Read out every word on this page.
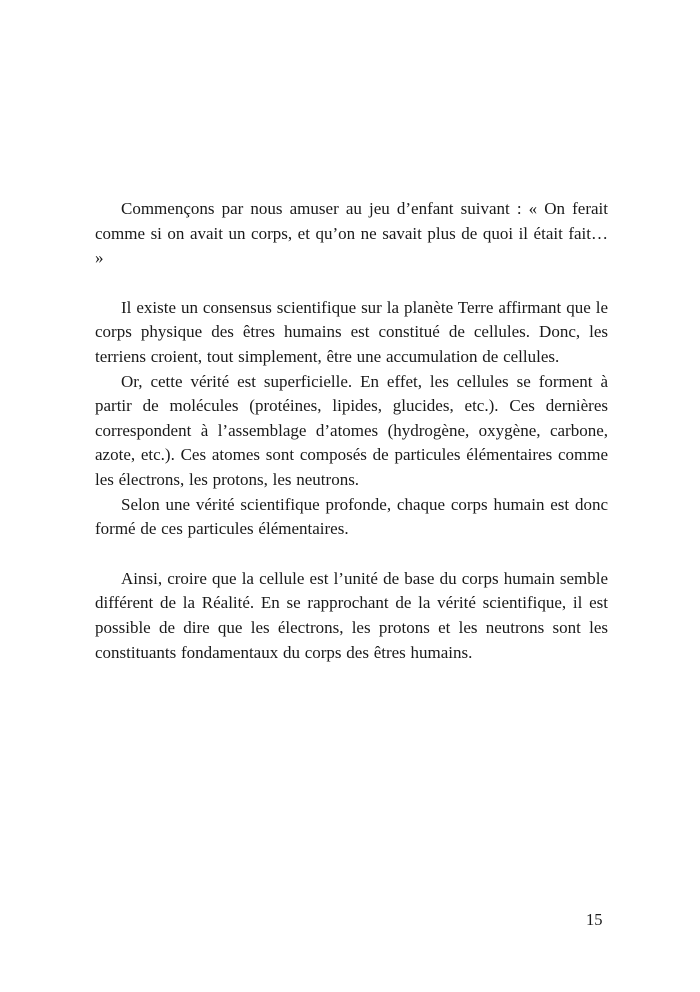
Commençons par nous amuser au jeu d’enfant suivant : « On ferait comme si on avait un corps, et qu’on ne savait plus de quoi il était fait… »

Il existe un consensus scientifique sur la planète Terre affirmant que le corps physique des êtres humains est constitué de cellules. Donc, les terriens croient, tout simplement, être une accumulation de cellules.

Or, cette vérité est superficielle. En effet, les cellules se forment à partir de molécules (protéines, lipides, glucides, etc.). Ces dernières correspondent à l’assemblage d’atomes (hydrogène, oxygène, carbone, azote, etc.). Ces atomes sont composés de particules élémentaires comme les électrons, les protons, les neutrons.

Selon une vérité scientifique profonde, chaque corps humain est donc formé de ces particules élémentaires.

Ainsi, croire que la cellule est l’unité de base du corps humain semble différent de la Réalité. En se rapprochant de la vérité scientifique, il est possible de dire que les électrons, les protons et les neutrons sont les constituants fondamentaux du corps des êtres humains.

15
